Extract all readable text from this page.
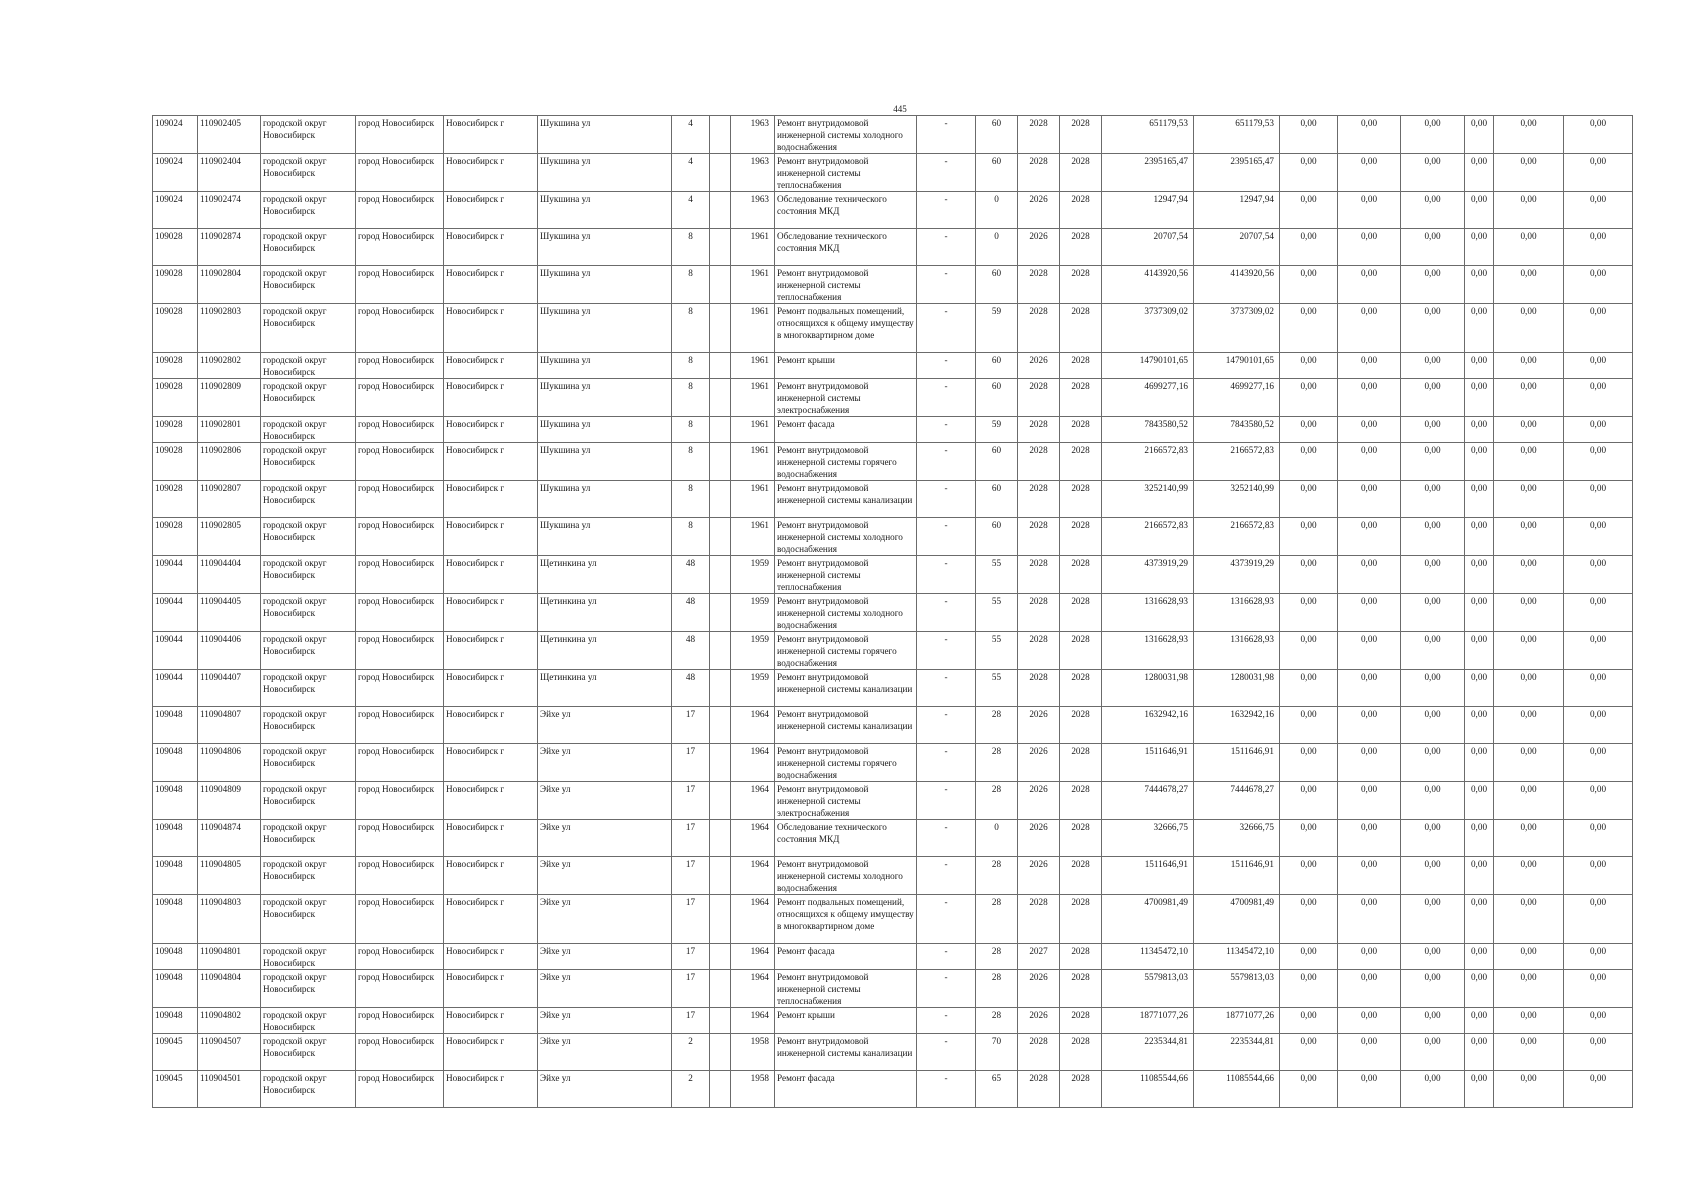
445
109024	110902405	городской округ Новосибирск	город Новосибирск	Новосибирск г	Шукшина ул	4		1963	Ремонт внутридомовой инженерной системы холодного водоснабжения	-	60	2028	2028	651179,53	651179,53	0,00	0,00	0,00	0,00	0,00	0,00
109024	110902404	городской округ Новосибирск	город Новосибирск	Новосибирск г	Шукшина ул	4		1963	Ремонт внутридомовой инженерной системы теплоснабжения	-	60	2028	2028	2395165,47	2395165,47	0,00	0,00	0,00	0,00	0,00	0,00
109024	110902474	городской округ Новосибирск	город Новосибирск	Новосибирск г	Шукшина ул	4		1963	Обследование технического состояния МКД	-	0	2026	2028	12947,94	12947,94	0,00	0,00	0,00	0,00	0,00	0,00
109028	110902874	городской округ Новосибирск	город Новосибирск	Новосибирск г	Шукшина ул	8		1961	Обследование технического состояния МКД	-	0	2026	2028	20707,54	20707,54	0,00	0,00	0,00	0,00	0,00	0,00
109028	110902804	городской округ Новосибирск	город Новосибирск	Новосибирск г	Шукшина ул	8		1961	Ремонт внутридомовой инженерной системы теплоснабжения	-	60	2028	2028	4143920,56	4143920,56	0,00	0,00	0,00	0,00	0,00	0,00
109028	110902803	городской округ Новосибирск	город Новосибирск	Новосибирск г	Шукшина ул	8		1961	Ремонт подвальных помещений, относящихся к общему имуществу в многоквартирном доме	-	59	2028	2028	3737309,02	3737309,02	0,00	0,00	0,00	0,00	0,00	0,00
109028	110902802	городской округ Новосибирск	город Новосибирск	Новосибирск г	Шукшина ул	8		1961	Ремонт крыши	-	60	2026	2028	14790101,65	14790101,65	0,00	0,00	0,00	0,00	0,00	0,00
109028	110902809	городской округ Новосибирск	город Новосибирск	Новосибирск г	Шукшина ул	8		1961	Ремонт внутридомовой инженерной системы электроснабжения	-	60	2028	2028	4699277,16	4699277,16	0,00	0,00	0,00	0,00	0,00	0,00
109028	110902801	городской округ Новосибирск	город Новосибирск	Новосибирск г	Шукшина ул	8		1961	Ремонт фасада	-	59	2028	2028	7843580,52	7843580,52	0,00	0,00	0,00	0,00	0,00	0,00
109028	110902806	городской округ Новосибирск	город Новосибирск	Новосибирск г	Шукшина ул	8		1961	Ремонт внутридомовой инженерной системы горячего водоснабжения	-	60	2028	2028	2166572,83	2166572,83	0,00	0,00	0,00	0,00	0,00	0,00
109028	110902807	городской округ Новосибирск	город Новосибирск	Новосибирск г	Шукшина ул	8		1961	Ремонт внутридомовой инженерной системы канализации	-	60	2028	2028	3252140,99	3252140,99	0,00	0,00	0,00	0,00	0,00	0,00
109028	110902805	городской округ Новосибирск	город Новосибирск	Новосибирск г	Шукшина ул	8		1961	Ремонт внутридомовой инженерной системы холодного водоснабжения	-	60	2028	2028	2166572,83	2166572,83	0,00	0,00	0,00	0,00	0,00	0,00
109044	110904404	городской округ Новосибирск	город Новосибирск	Новосибирск г	Щетинкина ул	48		1959	Ремонт внутридомовой инженерной системы теплоснабжения	-	55	2028	2028	4373919,29	4373919,29	0,00	0,00	0,00	0,00	0,00	0,00
109044	110904405	городской округ Новосибирск	город Новосибирск	Новосибирск г	Щетинкина ул	48		1959	Ремонт внутридомовой инженерной системы холодного водоснабжения	-	55	2028	2028	1316628,93	1316628,93	0,00	0,00	0,00	0,00	0,00	0,00
109044	110904406	городской округ Новосибирск	город Новосибирск	Новосибирск г	Щетинкина ул	48		1959	Ремонт внутридомовой инженерной системы горячего водоснабжения	-	55	2028	2028	1316628,93	1316628,93	0,00	0,00	0,00	0,00	0,00	0,00
109044	110904407	городской округ Новосибирск	город Новосибирск	Новосибирск г	Щетинкина ул	48		1959	Ремонт внутридомовой инженерной системы канализации	-	55	2028	2028	1280031,98	1280031,98	0,00	0,00	0,00	0,00	0,00	0,00
109048	110904807	городской округ Новосибирск	город Новосибирск	Новосибирск г	Эйхе ул	17		1964	Ремонт внутридомовой инженерной системы канализации	-	28	2026	2028	1632942,16	1632942,16	0,00	0,00	0,00	0,00	0,00	0,00
109048	110904806	городской округ Новосибирск	город Новосибирск	Новосибирск г	Эйхе ул	17		1964	Ремонт внутридомовой инженерной системы горячего водоснабжения	-	28	2026	2028	1511646,91	1511646,91	0,00	0,00	0,00	0,00	0,00	0,00
109048	110904809	городской округ Новосибирск	город Новосибирск	Новосибирск г	Эйхе ул	17		1964	Ремонт внутридомовой инженерной системы электроснабжения	-	28	2026	2028	7444678,27	7444678,27	0,00	0,00	0,00	0,00	0,00	0,00
109048	110904874	городской округ Новосибирск	город Новосибирск	Новосибирск г	Эйхе ул	17		1964	Обследование технического состояния МКД	-	0	2026	2028	32666,75	32666,75	0,00	0,00	0,00	0,00	0,00	0,00
109048	110904805	городской округ Новосибирск	город Новосибирск	Новосибирск г	Эйхе ул	17		1964	Ремонт внутридомовой инженерной системы холодного водоснабжения	-	28	2026	2028	1511646,91	1511646,91	0,00	0,00	0,00	0,00	0,00	0,00
109048	110904803	городской округ Новосибирск	город Новосибирск	Новосибирск г	Эйхе ул	17		1964	Ремонт подвальных помещений, относящихся к общему имуществу в многоквартирном доме	-	28	2028	2028	4700981,49	4700981,49	0,00	0,00	0,00	0,00	0,00	0,00
109048	110904801	городской округ Новосибирск	город Новосибирск	Новосибирск г	Эйхе ул	17		1964	Ремонт фасада	-	28	2027	2028	11345472,10	11345472,10	0,00	0,00	0,00	0,00	0,00	0,00
109048	110904804	городской округ Новосибирск	город Новосибирск	Новосибирск г	Эйхе ул	17		1964	Ремонт внутридомовой инженерной системы теплоснабжения	-	28	2026	2028	5579813,03	5579813,03	0,00	0,00	0,00	0,00	0,00	0,00
109048	110904802	городской округ Новосибирск	город Новосибирск	Новосибирск г	Эйхе ул	17		1964	Ремонт крыши	-	28	2026	2028	18771077,26	18771077,26	0,00	0,00	0,00	0,00	0,00	0,00
109045	110904507	городской округ Новосибирск	город Новосибирск	Новосибирск г	Эйхе ул	2		1958	Ремонт внутридомовой инженерной системы канализации	-	70	2028	2028	2235344,81	2235344,81	0,00	0,00	0,00	0,00	0,00	0,00
109045	110904501	городской округ Новосибирск	город Новосибирск	Новосибирск г	Эйхе ул	2		1958	Ремонт фасада	-	65	2028	2028	11085544,66	11085544,66	0,00	0,00	0,00	0,00	0,00	0,00
